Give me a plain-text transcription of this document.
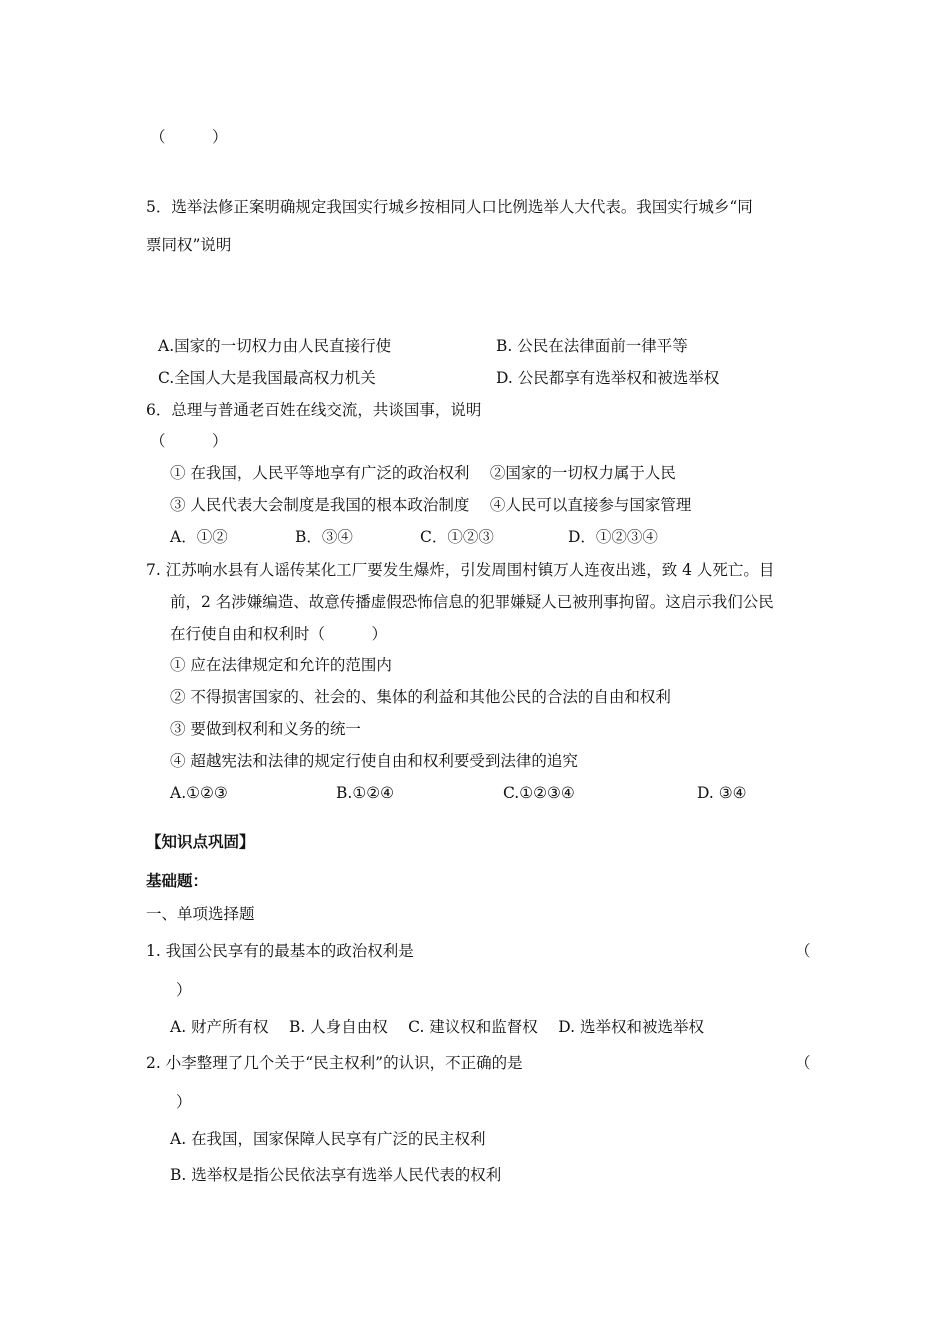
（　　　）
5．选举法修正案明确规定我国实行城乡按相同人口比例选举人大代表。我国实行城乡“同
票同权”说明
A.国家的一切权力由人民直接行使	B. 公民在法律面前一律平等
C.全国人大是我国最高权力机关	D. 公民都享有选举权和被选举权
6．总理与普通老百姓在线交流，共谈国事，说明
（　　　）
① 在我国，人民平等地享有广泛的政治权利　 ②国家的一切权力属于人民
③ 人民代表大会制度是我国的根本政治制度　 ④人民可以直接参与国家管理
A．①②	B．③④	C．①②③	D．①②③④
7. 江苏响水县有人谣传某化工厂要发生爆炸，引发周围村镇万人连夜出逃，致 4 人死亡。目
前，2 名涉嫌编造、故意传播虚假恐怖信息的犯罪嫌疑人已被刑事拘留。这启示我们公民
在行使自由和权利时（　　　）
① 应在法律规定和允许的范围内
② 不得损害国家的、社会的、集体的利益和其他公民的合法的自由和权利
③ 要做到权利和义务的统一
④ 超越宪法和法律的规定行使自由和权利要受到法律的追究
A.①②③	B.①②④	C.①②③④	D. ③④
【知识点巩固】
基础题：
一、单项选择题
1. 我国公民享有的最基本的政治权利是	（
）
A. 财产所有权　 B. 人身自由权　 C. 建议权和监督权　 D. 选举权和被选举权
2. 小李整理了几个关于“民主权利”的认识，不正确的是	（
）
A. 在我国，国家保障人民享有广泛的民主权利
B. 选举权是指公民依法享有选举人民代表的权利
